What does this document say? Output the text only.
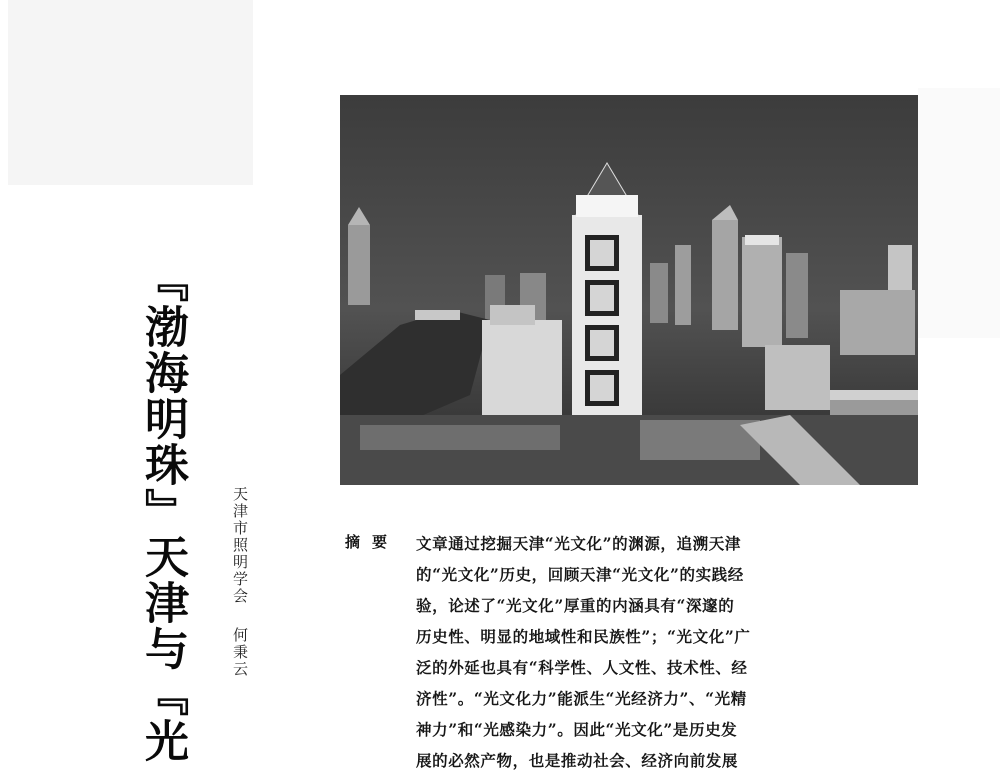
『渤海明珠』天津与『光	天津市照明学会何秉云
摘要 文章通过挖掘天津“光文化”的渊源，追溯天津
的“光文化”历史，回顾天津“光文化”的实践经
验，论述了“光文化”厚重的内涵具有“深邃的
历史性、明显的地域性和民族性”；“光文化”广
泛的外延也具有“科学性、人文性、技术性、经
济性”。“光文化力”能派生“光经济力”、“光精
神力”和“光感染力”。因此“光文化”是历史发
展的必然产物，也是推动社会、经济向前发展
